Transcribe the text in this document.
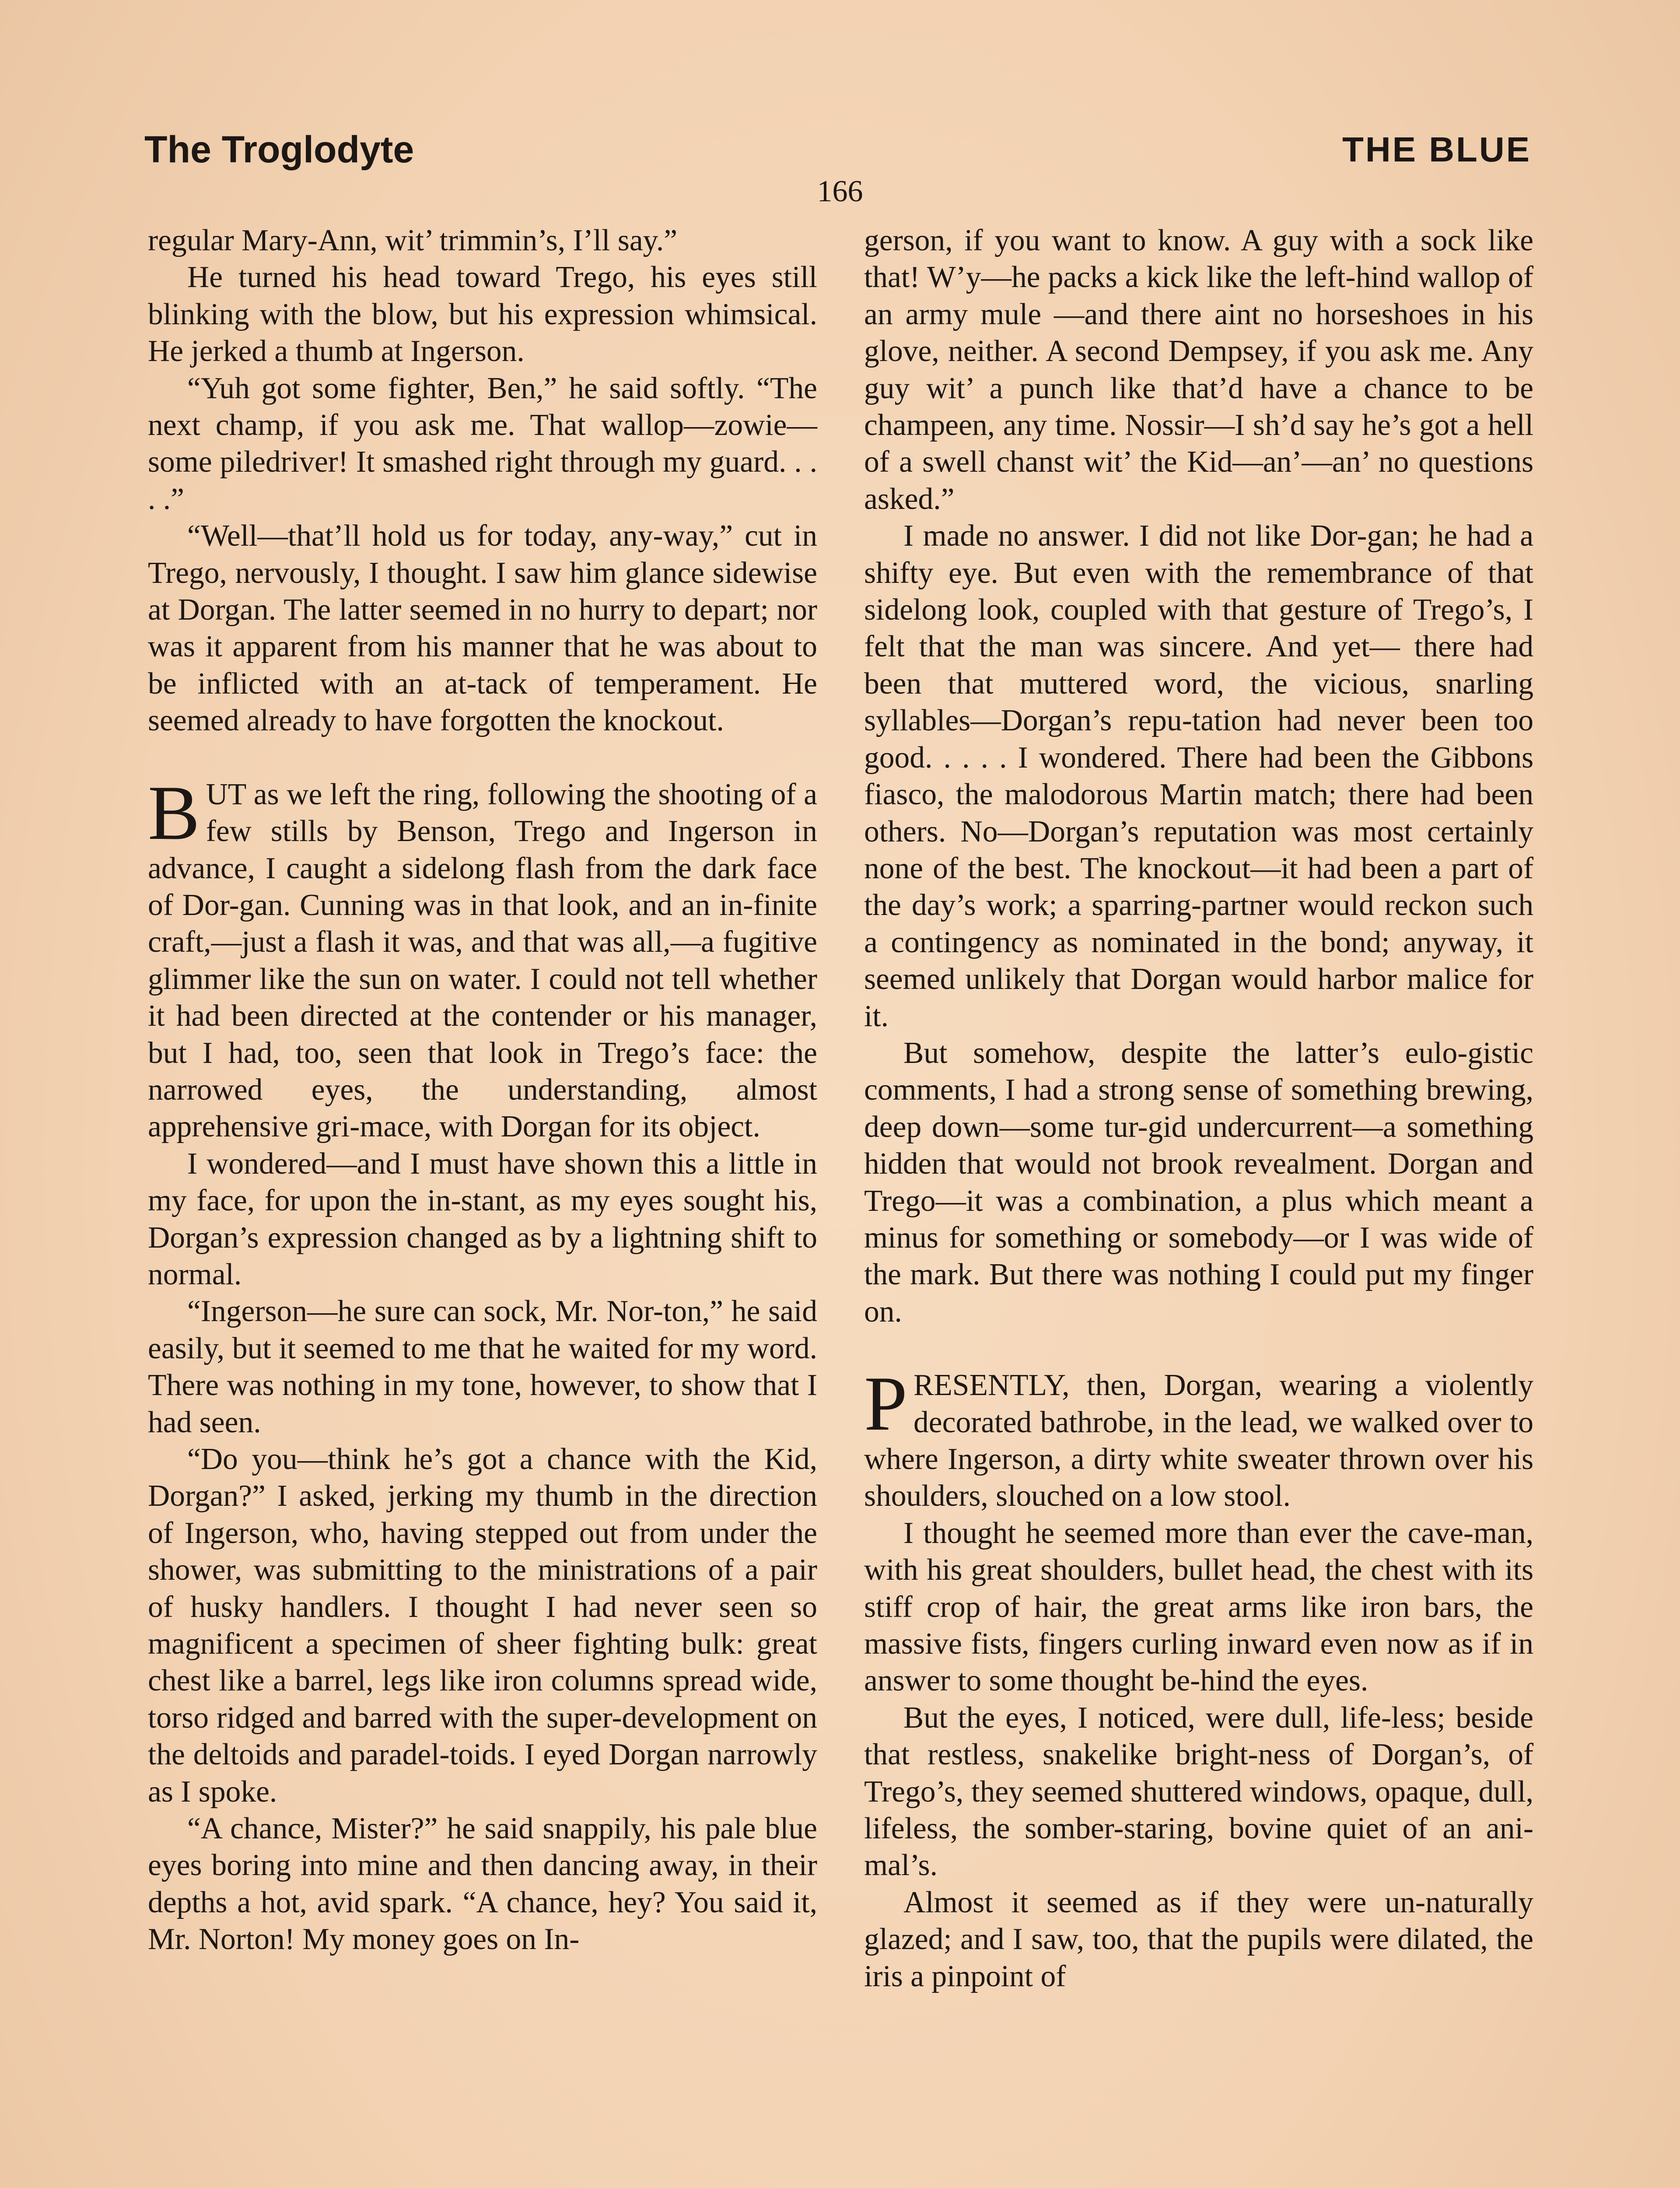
The Troglodyte	THE BLUE
166

regular Mary-Ann, wit’ trimmin’s, I’ll say.”

He turned his head toward Trego, his eyes still blinking with the blow, but his expression whimsical. He jerked a thumb at Ingerson.

“Yuh got some fighter, Ben,” he said softly. “The next champ, if you ask me. That wallop—zowie—some piledriver! It smashed right through my guard. . . . .”

“Well—that’ll hold us for today, any-way,” cut in Trego, nervously, I thought. I saw him glance sidewise at Dorgan. The latter seemed in no hurry to depart; nor was it apparent from his manner that he was about to be inflicted with an at-tack of temperament. He seemed already to have forgotten the knockout.

BUT as we left the ring, following the shooting of a few stills by Benson, Trego and Ingerson in advance, I caught a sidelong flash from the dark face of Dor-gan. Cunning was in that look, and an in-finite craft,—just a flash it was, and that was all,—a fugitive glimmer like the sun on water. I could not tell whether it had been directed at the contender or his manager, but I had, too, seen that look in Trego’s face: the narrowed eyes, the understanding, almost apprehensive gri-mace, with Dorgan for its object.

I wondered—and I must have shown this a little in my face, for upon the in-stant, as my eyes sought his, Dorgan’s expression changed as by a lightning shift to normal.

“Ingerson—he sure can sock, Mr. Nor-ton,” he said easily, but it seemed to me that he waited for my word. There was nothing in my tone, however, to show that I had seen.

“Do you—think he’s got a chance with the Kid, Dorgan?” I asked, jerking my thumb in the direction of Ingerson, who, having stepped out from under the shower, was submitting to the ministrations of a pair of husky handlers. I thought I had never seen so magnificent a specimen of sheer fighting bulk: great chest like a barrel, legs like iron columns spread wide, torso ridged and barred with the super-development on the deltoids and paradel-toids. I eyed Dorgan narrowly as I spoke.

“A chance, Mister?” he said snappily, his pale blue eyes boring into mine and then dancing away, in their depths a hot, avid spark. “A chance, hey? You said it, Mr. Norton! My money goes on In-

gerson, if you want to know. A guy with a sock like that! W’y—he packs a kick like the left-hind wallop of an army mule —and there aint no horseshoes in his glove, neither. A second Dempsey, if you ask me. Any guy wit’ a punch like that’d have a chance to be champeen, any time. Nossir—I sh’d say he’s got a hell of a swell chanst wit’ the Kid—an’—an’ no questions asked.”

I made no answer. I did not like Dor-gan; he had a shifty eye. But even with the remembrance of that sidelong look, coupled with that gesture of Trego’s, I felt that the man was sincere. And yet— there had been that muttered word, the vicious, snarling syllables—Dorgan’s repu-tation had never been too good. . . . . I wondered. There had been the Gibbons fiasco, the malodorous Martin match; there had been others. No—Dorgan’s reputation was most certainly none of the best. The knockout—it had been a part of the day’s work; a sparring-partner would reckon such a contingency as nominated in the bond; anyway, it seemed unlikely that Dorgan would harbor malice for it.

But somehow, despite the latter’s eulo-gistic comments, I had a strong sense of something brewing, deep down—some tur-gid undercurrent—a something hidden that would not brook revealment. Dorgan and Trego—it was a combination, a plus which meant a minus for something or somebody—or I was wide of the mark. But there was nothing I could put my finger on.

PRESENTLY, then, Dorgan, wearing a violently decorated bathrobe, in the lead, we walked over to where Ingerson, a dirty white sweater thrown over his shoulders, slouched on a low stool.

I thought he seemed more than ever the cave-man, with his great shoulders, bullet head, the chest with its stiff crop of hair, the great arms like iron bars, the massive fists, fingers curling inward even now as if in answer to some thought be-hind the eyes.

But the eyes, I noticed, were dull, life-less; beside that restless, snakelike bright-ness of Dorgan’s, of Trego’s, they seemed shuttered windows, opaque, dull, lifeless, the somber-staring, bovine quiet of an ani-mal’s.

Almost it seemed as if they were un-naturally glazed; and I saw, too, that the pupils were dilated, the iris a pinpoint of
